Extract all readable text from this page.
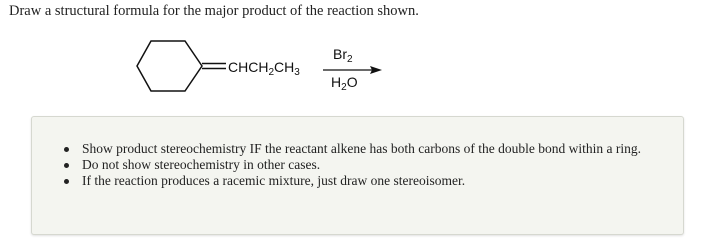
Draw a structural formula for the major product of the reaction shown.
$CHCH_2CH_3$
$Br_2$
$H_2O$
Show product stereochemistry IF the reactant alkene has both carbons of the double bond within a ring.
Do not show stereochemistry in other cases.
If the reaction produces a racemic mixture, just draw one stereoisomer.
